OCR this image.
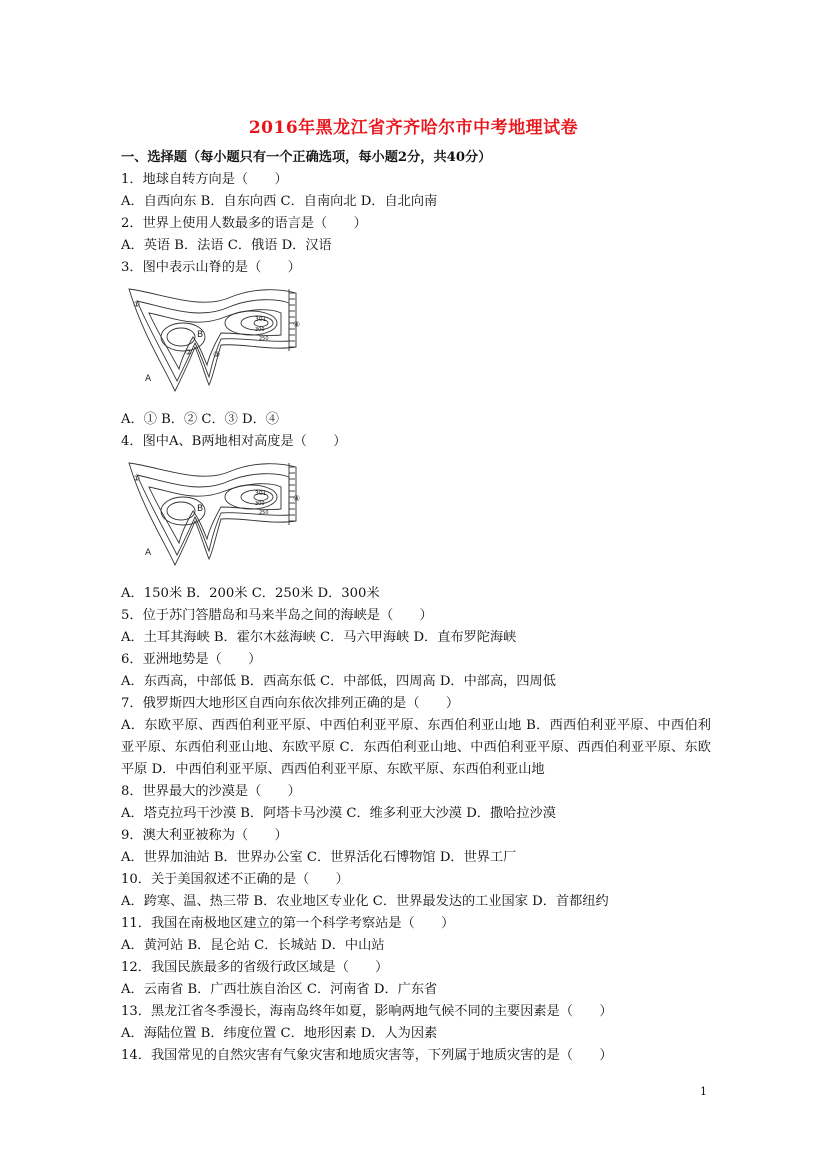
2016年黑龙江省齐齐哈尔市中考地理试卷
一、选择题（每小题只有一个正确选项，每小题2分，共40分）
1．地球自转方向是（　　）
A．自西向东 B．自东向西 C．自南向北 D．自北向南
2．世界上使用人数最多的语言是（　　）
A．英语 B．法语 C．俄语 D．汉语
3．图中表示山脊的是（　　）
A
B
301
300
250
①
②	③
④
A．① B．② C．③ D．④
4．图中A、B两地相对高度是（　　）
A
B
301
300
250
①
④
A．150米 B．200米 C．250米 D．300米
5．位于苏门答腊岛和马来半岛之间的海峡是（　　）
A．土耳其海峡 B．霍尔木兹海峡 C．马六甲海峡 D．直布罗陀海峡
6．亚洲地势是（　　）
A．东西高，中部低 B．西高东低 C．中部低，四周高 D．中部高，四周低
7．俄罗斯四大地形区自西向东依次排列正确的是（　　）
A．东欧平原、西西伯利亚平原、中西伯利亚平原、东西伯利亚山地 B．西西伯利亚平原、中西伯利亚平原、东西伯利亚山地、东欧平原 C．东西伯利亚山地、中西伯利亚平原、西西伯利亚平原、东欧平原 D．中西伯利亚平原、西西伯利亚平原、东欧平原、东西伯利亚山地
8．世界最大的沙漠是（　　）
A．塔克拉玛干沙漠 B．阿塔卡马沙漠 C．维多利亚大沙漠 D．撒哈拉沙漠
9．澳大利亚被称为（　　）
A．世界加油站 B．世界办公室 C．世界活化石博物馆 D．世界工厂
10．关于美国叙述不正确的是（　　）
A．跨寒、温、热三带 B．农业地区专业化 C．世界最发达的工业国家 D．首都纽约
11．我国在南极地区建立的第一个科学考察站是（　　）
A．黄河站 B．昆仑站 C．长城站 D．中山站
12．我国民族最多的省级行政区域是（　　）
A．云南省 B．广西壮族自治区 C．河南省 D．广东省
13．黑龙江省冬季漫长，海南岛终年如夏，影响两地气候不同的主要因素是（　　）
A．海陆位置 B．纬度位置 C．地形因素 D．人为因素
14．我国常见的自然灾害有气象灾害和地质灾害等，下列属于地质灾害的是（　　）
1
